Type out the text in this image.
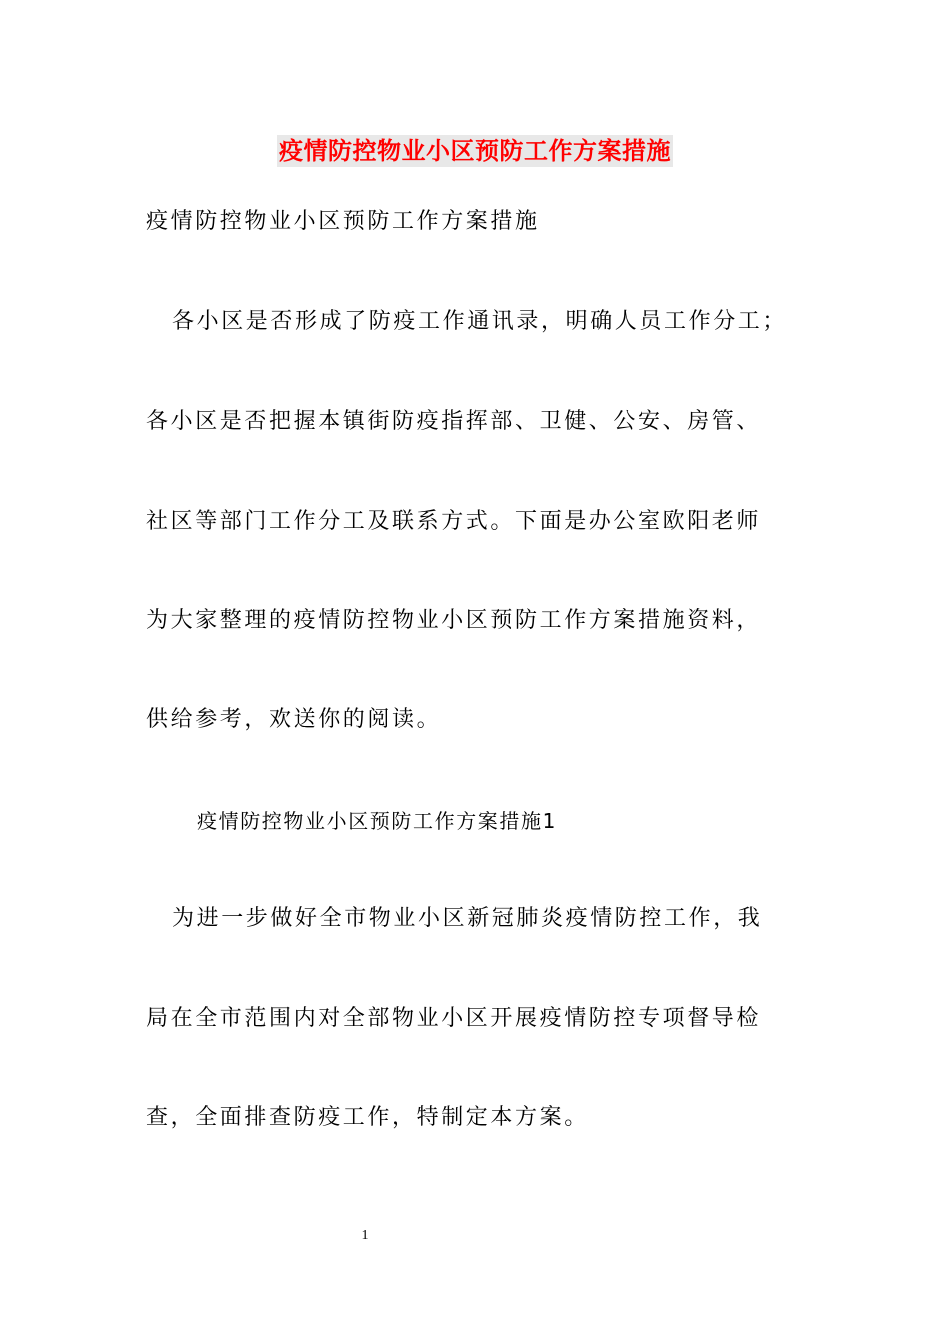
疫情防控物业小区预防工作方案措施

疫情防控物业小区预防工作方案措施

各小区是否形成了防疫工作通讯录，明确人员工作分工；

各小区是否把握本镇街防疫指挥部、卫健、公安、房管、

社区等部门工作分工及联系方式。下面是办公室欧阳老师

为大家整理的疫情防控物业小区预防工作方案措施资料，

供给参考，欢送你的阅读。

疫情防控物业小区预防工作方案措施1

为进一步做好全市物业小区新冠肺炎疫情防控工作，我

局在全市范围内对全部物业小区开展疫情防控专项督导检

查，全面排查防疫工作，特制定本方案。

1
